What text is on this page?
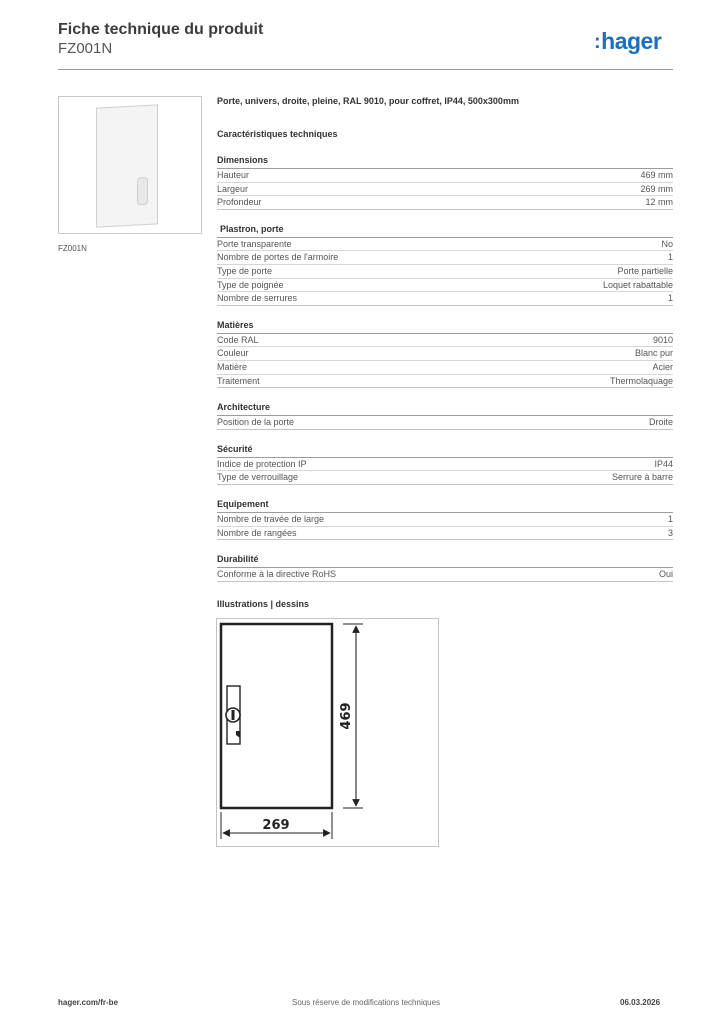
Fiche technique du produit
FZ001N	:hager
FZ001N

Porte, univers, droite, pleine, RAL 9010, pour coffret, IP44, 500x300mm

Caractéristiques techniques
Dimensions
Hauteur	469 mm
Largeur	269 mm
Profondeur	12 mm
Plastron, porte
Porte transparente	No
Nombre de portes de l'armoire	1
Type de porte	Porte partielle
Type de poignée	Loquet rabattable
Nombre de serrures	1
Matières
Code RAL	9010
Couleur	Blanc pur
Matière	Acier
Traitement	Thermolaquage
Architecture
Position de la porte	Droite
Sécurité
Indice de protection IP	IP44
Type de verrouillage	Serrure à barre
Equipement
Nombre de travée de large	1
Nombre de rangées	3
Durabilité
Conforme à la directive RoHS	Oui
Illustrations | dessins
469
269
hager.com/fr-be	Sous réserve de modifications techniques	06.03.2026
